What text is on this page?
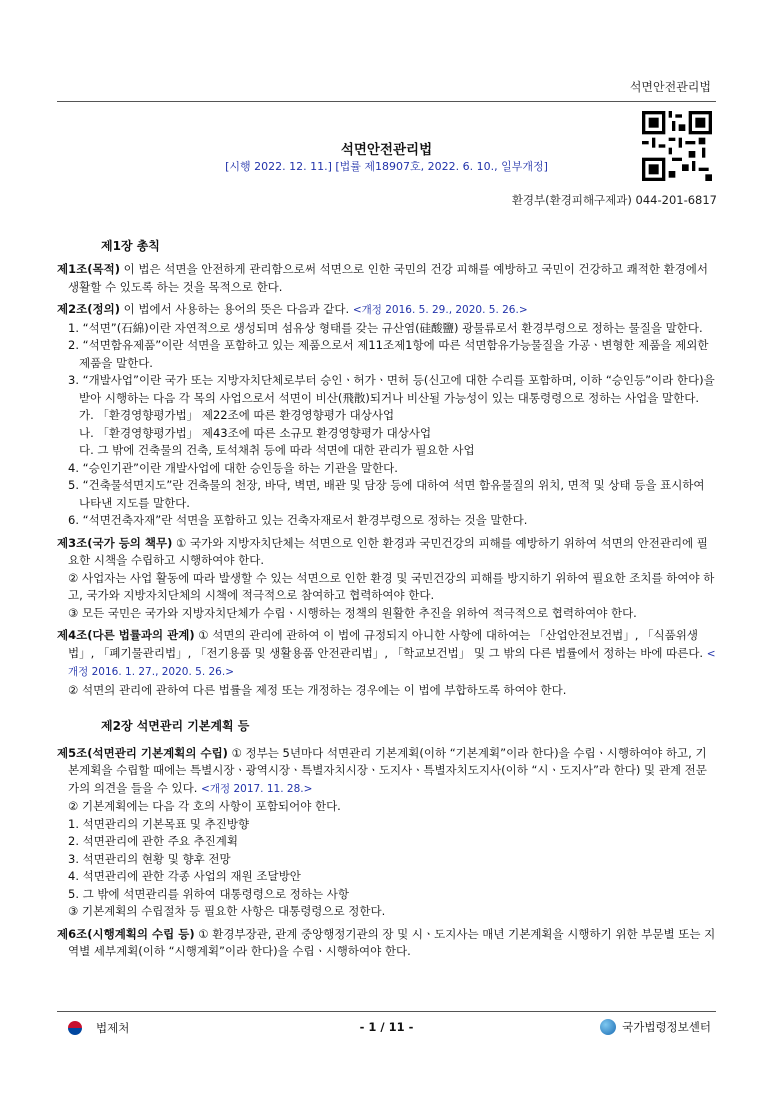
석면안전관리법
석면안전관리법
[시행 2022. 12. 11.] [법률 제18907호, 2022. 6. 10., 일부개정]
환경부(환경피해구제과) 044-201-6817
제1장 총칙
제1조(목적) 이 법은 석면을 안전하게 관리함으로써 석면으로 인한 국민의 건강 피해를 예방하고 국민이 건강하고 쾌적한 환경에서 생활할 수 있도록 하는 것을 목적으로 한다.
제2조(정의) 이 법에서 사용하는 용어의 뜻은 다음과 같다. <개정 2016. 5. 29., 2020. 5. 26.>
1. “석면”(石綿)이란 자연적으로 생성되며 섬유상 형태를 갖는 규산염(硅酸鹽) 광물류로서 환경부령으로 정하는 물질을 말한다.
2. “석면함유제품”이란 석면을 포함하고 있는 제품으로서 제11조제1항에 따른 석면함유가능물질을 가공ㆍ변형한 제품을 제외한 제품을 말한다.
3. “개발사업”이란 국가 또는 지방자치단체로부터 승인ㆍ허가ㆍ면허 등(신고에 대한 수리를 포함하며, 이하 “승인등”이라 한다)을 받아 시행하는 다음 각 목의 사업으로서 석면이 비산(飛散)되거나 비산될 가능성이 있는 대통령령으로 정하는 사업을 말한다.
가. 「환경영향평가법」 제22조에 따른 환경영향평가 대상사업
나. 「환경영향평가법」 제43조에 따른 소규모 환경영향평가 대상사업
다. 그 밖에 건축물의 건축, 토석채취 등에 따라 석면에 대한 관리가 필요한 사업
4. “승인기관”이란 개발사업에 대한 승인등을 하는 기관을 말한다.
5. “건축물석면지도”란 건축물의 천장, 바닥, 벽면, 배관 및 담장 등에 대하여 석면 함유물질의 위치, 면적 및 상태 등을 표시하여 나타낸 지도를 말한다.
6. “석면건축자재”란 석면을 포함하고 있는 건축자재로서 환경부령으로 정하는 것을 말한다.
제3조(국가 등의 책무) ① 국가와 지방자치단체는 석면으로 인한 환경과 국민건강의 피해를 예방하기 위하여 석면의 안전관리에 필요한 시책을 수립하고 시행하여야 한다.
② 사업자는 사업 활동에 따라 발생할 수 있는 석면으로 인한 환경 및 국민건강의 피해를 방지하기 위하여 필요한 조치를 하여야 하고, 국가와 지방자치단체의 시책에 적극적으로 참여하고 협력하여야 한다.
③ 모든 국민은 국가와 지방자치단체가 수립ㆍ시행하는 정책의 원활한 추진을 위하여 적극적으로 협력하여야 한다.
제4조(다른 법률과의 관계) ① 석면의 관리에 관하여 이 법에 규정되지 아니한 사항에 대하여는 「산업안전보건법」, 「식품위생법」, 「폐기물관리법」, 「전기용품 및 생활용품 안전관리법」, 「학교보건법」 및 그 밖의 다른 법률에서 정하는 바에 따른다. <개정 2016. 1. 27., 2020. 5. 26.>
② 석면의 관리에 관하여 다른 법률을 제정 또는 개정하는 경우에는 이 법에 부합하도록 하여야 한다.
제2장 석면관리 기본계획 등
제5조(석면관리 기본계획의 수립) ① 정부는 5년마다 석면관리 기본계획(이하 “기본계획”이라 한다)을 수립ㆍ시행하여야 하고, 기본계획을 수립할 때에는 특별시장ㆍ광역시장ㆍ특별자치시장ㆍ도지사ㆍ특별자치도지사(이하 “시ㆍ도지사”라 한다) 및 관계 전문가의 의견을 들을 수 있다. <개정 2017. 11. 28.>
② 기본계획에는 다음 각 호의 사항이 포함되어야 한다.
1. 석면관리의 기본목표 및 추진방향
2. 석면관리에 관한 주요 추진계획
3. 석면관리의 현황 및 향후 전망
4. 석면관리에 관한 각종 사업의 재원 조달방안
5. 그 밖에 석면관리를 위하여 대통령령으로 정하는 사항
③ 기본계획의 수립절차 등 필요한 사항은 대통령령으로 정한다.
제6조(시행계획의 수립 등) ① 환경부장관, 관계 중앙행정기관의 장 및 시ㆍ도지사는 매년 기본계획을 시행하기 위한 부문별 또는 지역별 세부계획(이하 “시행계획”이라 한다)을 수립ㆍ시행하여야 한다.
법제처	- 1 / 11 -	국가법령정보센터
